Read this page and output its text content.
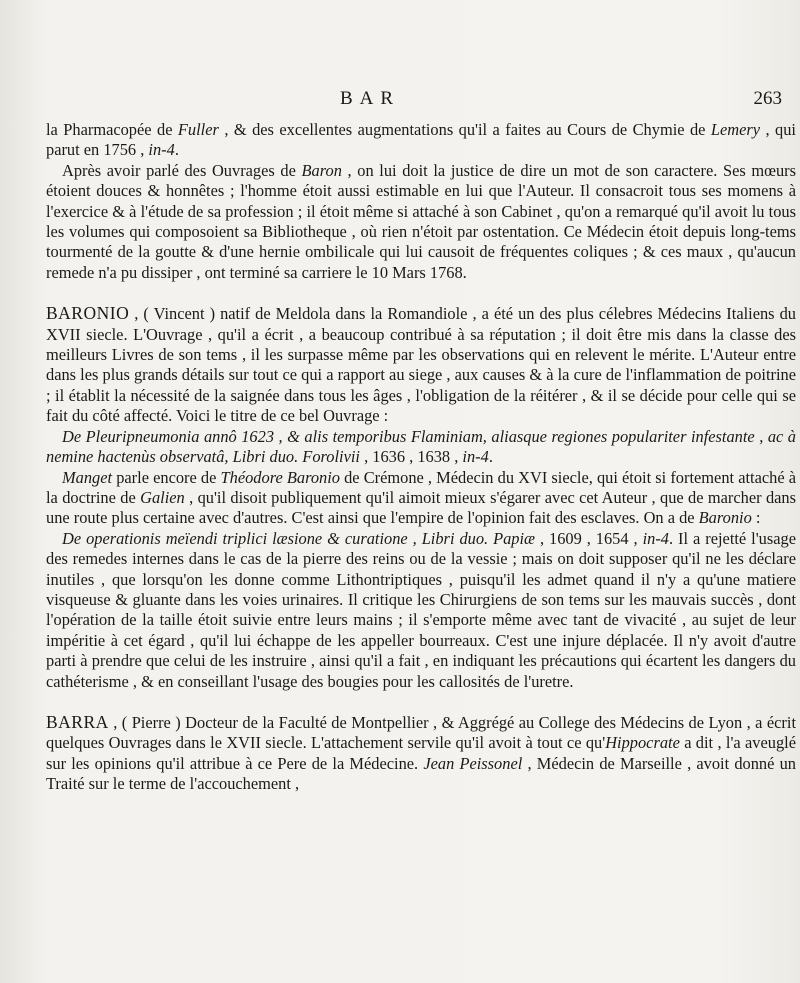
BAR	263

la Pharmacopée de Fuller , & des excellentes augmentations qu'il a faites au Cours de Chymie de Lemery , qui parut en 1756 , in-4.

Après avoir parlé des Ouvrages de Baron , on lui doit la justice de dire un mot de son caractere. Ses mœurs étoient douces & honnêtes ; l'homme étoit aussi estimable en lui que l'Auteur. Il consacroit tous ses momens à l'exercice & à l'étude de sa profession ; il étoit même si attaché à son Cabinet , qu'on a remarqué qu'il avoit lu tous les volumes qui composoient sa Bibliotheque , où rien n'étoit par ostentation. Ce Médecin étoit depuis long-tems tourmenté de la goutte & d'une hernie ombilicale qui lui causoit de fréquentes coliques ; & ces maux , qu'aucun remede n'a pu dissiper , ont terminé sa carriere le 10 Mars 1768.

BARONIO , ( Vincent ) natif de Meldola dans la Romandiole , a été un des plus célebres Médecins Italiens du XVII siecle. L'Ouvrage , qu'il a écrit , a beaucoup contribué à sa réputation ; il doit être mis dans la classe des meilleurs Livres de son tems , il les surpasse même par les observations qui en relevent le mérite. L'Auteur entre dans les plus grands détails sur tout ce qui a rapport au siege , aux causes & à la cure de l'inflammation de poitrine ; il établit la nécessité de la saignée dans tous les âges , l'obligation de la réitérer , & il se décide pour celle qui se fait du côté affecté. Voici le titre de ce bel Ouvrage :

De Pleuripneumonia annô 1623 , & alis temporibus Flaminiam, aliasque regiones populariter infestante , ac à nemine hactenùs observatâ, Libri duo. Forolivii , 1636 , 1638 , in-4.

Manget parle encore de Théodore Baronio de Crémone , Médecin du XVI siecle, qui étoit si fortement attaché à la doctrine de Galien , qu'il disoit publiquement qu'il aimoit mieux s'égarer avec cet Auteur , que de marcher dans une route plus certaine avec d'autres. C'est ainsi que l'empire de l'opinion fait des esclaves. On a de Baronio :

De operationis meïendi triplici læsione & curatione , Libri duo. Papiæ , 1609 , 1654 , in-4. Il a rejetté l'usage des remedes internes dans le cas de la pierre des reins ou de la vessie ; mais on doit supposer qu'il ne les déclare inutiles , que lorsqu'on les donne comme Lithontriptiques , puisqu'il les admet quand il n'y a qu'une matiere visqueuse & gluante dans les voies urinaires. Il critique les Chirurgiens de son tems sur les mauvais succès , dont l'opération de la taille étoit suivie entre leurs mains ; il s'emporte même avec tant de vivacité , au sujet de leur impéritie à cet égard , qu'il lui échappe de les appeller bourreaux. C'est une injure déplacée. Il n'y avoit d'autre parti à prendre que celui de les instruire , ainsi qu'il a fait , en indiquant les précautions qui écartent les dangers du cathéterisme , & en conseillant l'usage des bougies pour les callosités de l'uretre.

BARRA , ( Pierre ) Docteur de la Faculté de Montpellier , & Aggrégé au College des Médecins de Lyon , a écrit quelques Ouvrages dans le XVII siecle. L'attachement servile qu'il avoit à tout ce qu'Hippocrate a dit , l'a aveuglé sur les opinions qu'il attribue à ce Pere de la Médecine. Jean Peissonel , Médecin de Marseille , avoit donné un Traité sur le terme de l'accouchement ,
